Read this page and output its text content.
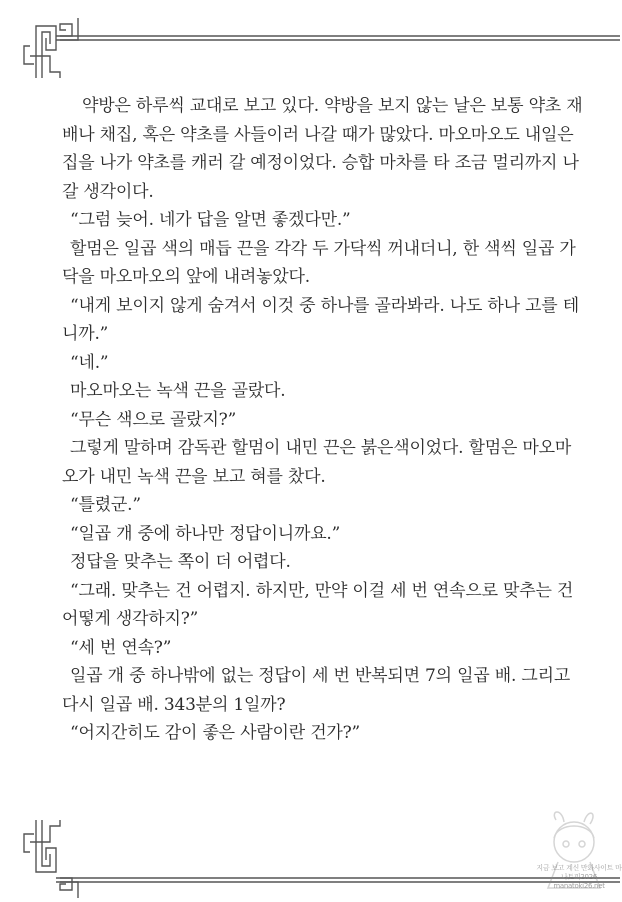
약방은 하루씩 교대로 보고 있다. 약방을 보지 않는 날은 보통 약초 재
배나 채집, 혹은 약초를 사들이러 나갈 때가 많았다. 마오마오도 내일은
집을 나가 약초를 캐러 갈 예정이었다. 승합 마차를 타 조금 멀리까지 나
갈 생각이다.
“그럼 늦어. 네가 답을 알면 좋겠다만.”
할멈은 일곱 색의 매듭 끈을 각각 두 가닥씩 꺼내더니, 한 색씩 일곱 가
닥을 마오마오의 앞에 내려놓았다.
“내게 보이지 않게 숨겨서 이것 중 하나를 골라봐라. 나도 하나 고를 테
니까.”
“네.”
마오마오는 녹색 끈을 골랐다.
“무슨 색으로 골랐지?”
그렇게 말하며 감독관 할멈이 내민 끈은 붉은색이었다. 할멈은 마오마
오가 내민 녹색 끈을 보고 혀를 찼다.
“틀렸군.”
“일곱 개 중에 하나만 정답이니까요.”
정답을 맞추는 쪽이 더 어렵다.
“그래. 맞추는 건 어렵지. 하지만, 만약 이걸 세 번 연속으로 맞추는 건
어떻게 생각하지?”
“세 번 연속?”
일곱 개 중 하나밖에 없는 정답이 세 번 반복되면 7의 일곱 배. 그리고
다시 일곱 배. 343분의 1일까?
“어지간히도 감이 좋은 사람이란 건가?”
지금 보고 계신 만화사이트 마나토끼2026 manatoki26.net
